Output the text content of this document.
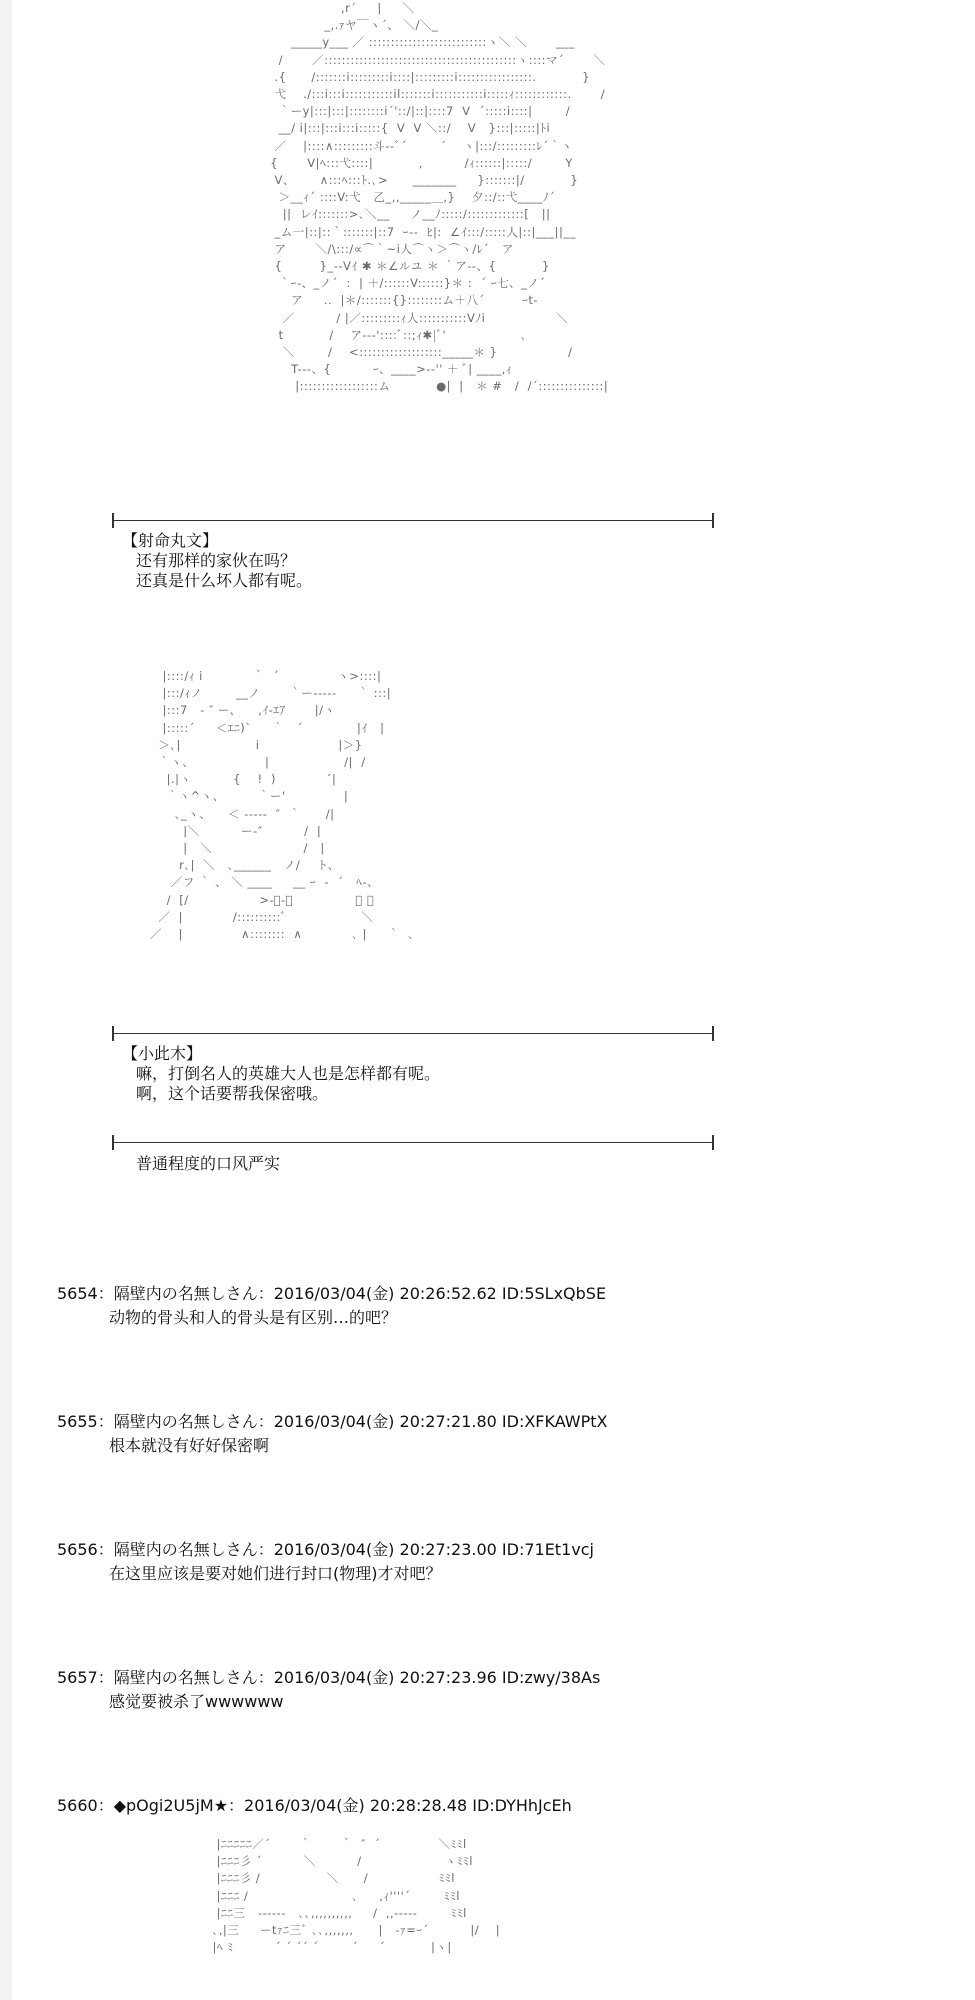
,r´     |     ＼
_,.ｧヤ￣ヽ´、 ＼/＼_
_____y___ ／ :::::::::::::::::::::::::::ヽ＼ ＼       ___
/       ／::::::::::::::::::::::::::::::::::::::::::::ヽ::::マ´       ＼
.{      /:::::::i:::::::::i::::|:::::::::i:::::::::::::::::.           }
弋    ./:::i:::i:::::::::::il:::::::i:::::::::::i:::::ｨ::::::::::::.       /
｀ーy|:::|:::|::::::::i´'::/|::|::::7  V  ´:::::i::::|        /
__/ i|:::|:::i:::i:::::{  V  V ＼::/    V   }:::|:::::|ﾄi
／    |::::∧:::::::::斗--ﾞ´        ´    ヽ|:::/:::::::::ﾚ´｀ヽ
{       V|ﾍ:::弋::::|           ,          /ｨ::::::|:::::/        Y
V、      ∧:::ﾍ:::ﾄ.､>      _______     }:::::::|/           }
＞__ｨ´ ::::V:弋   乙_,,_____＿,}    夕::/::弋____ﾉ´
||  レｲ:::::::>､＼__     ノ__ﾉ:::::/:::::::::::::[   ||
_ム一|::|::｀:::::::|::7  ｰ--  ﾋ|:  ∠ｲ:::/:::::人|::|___||__
ア       ＼/\:::/∝⌒｀~i人⌒ヽ＞⌒ヽ/ﾚ´   ア
{         }_--Vｲ ✱ ＊∠ルユ ＊ ｀ア--、{           }
｀ｰ‐、_ノ´  :  | ＋/::::::V::::::}＊ :  ´ ｰ七、_ノ´
ア     ..  |＊/:::::::{}::::::::ム＋八´         ｰt-
／          / |／:::::::::ｨ人:::::::::::Vﾉi                 ＼
t           /    ア--‐'::::ﾞ::;ｨ✱|ﾞ'                  ､
＼        /    <:::::::::::::::::::_____＊ }                 /
T---、{          ｰ、____>-‐'' ＋ ﾞ| ____,ｨ
|::::::::::::::::::ム           ●|  |   ＊ #   /  /´:::::::::::::::|
【射命丸文】
还有那样的家伙在吗？
还真是什么坏人都有呢。
|::::/ｨ i            ｀  ´              ヽ>::::|
|:::/ｨノ        __ノ       ｀ー-----     ｀ :::|
|:::7   - ″ ー、    ,ｲ-ｴｱ       |/ヽ
|:::::´     ＜ｴﾆ)`     ｀   ´             |ｲ   |
＞､|                  i                   |＞}
｀ヽ、                 |                  /|  /
|.|ヽ          {    !  )            ´|
｀ヽ^ヽ、        ｀ー'              |
､_ヽ、    ＜ -----  ″  ｀      /|
|＼          ー‐″          /  |
|   ＼                      /   |
r､|  ＼   ､______   ノ/    ト、
／フ ｀ 、 ＼ ____     __ ｰ  -  ´   ﾍ-、
/  [/                 >-ﾞ-､               ｀ ､
／  |            /::::::::::ﾞ                  ＼
／    |              ∧::::::::  ∧            ､ |     ｀  ､
【小此木】
嘛，打倒名人的英雄大人也是怎样都有呢。
啊，这个话要帮我保密哦。
普通程度的口风严实
5654：隔壁内の名無しさん：2016/03/04(金) 20:26:52.62 ID:5SLxQbSE
动物的骨头和人的骨头是有区别…的吧？
5655：隔壁内の名無しさん：2016/03/04(金) 20:27:21.80 ID:XFKAWPtX
根本就没有好好保密啊
5656：隔壁内の名無しさん：2016/03/04(金) 20:27:23.00 ID:71Et1vcj
在这里应该是要对她们进行封口(物理)才对吧？
5657：隔壁内の名無しさん：2016/03/04(金) 20:27:23.96 ID:zwy/38As
感觉要被杀了wwwwww
5660：◆pOgi2U5jM★：2016/03/04(金) 20:28:28.48 ID:DYHhJcEh
|ﾆﾆﾆﾆﾆ／´       ｀       ｀  ″  ´              ＼ﾐﾐl
|ﾆﾆﾆ彡 ´          ＼          /                    ヽﾐﾐl
|ﾆﾆﾆ彡 /                ＼      /                 ﾐﾐl
|ﾆﾆﾆ /                         ､     ,ｨ''''´        ﾐﾐl
|ﾆﾆ三   ------   ､､,,,,,,,,,,     /  ,,---‐‐        ﾐﾐl
､,|三     ーtｧﾆ三ﾞ ､､,,,,,,,      |   -ｧ=ｰ´          |/    |
|ﾍ ﾐ          ´ ´ ´´ ´        ´     ´           |ヽ|
